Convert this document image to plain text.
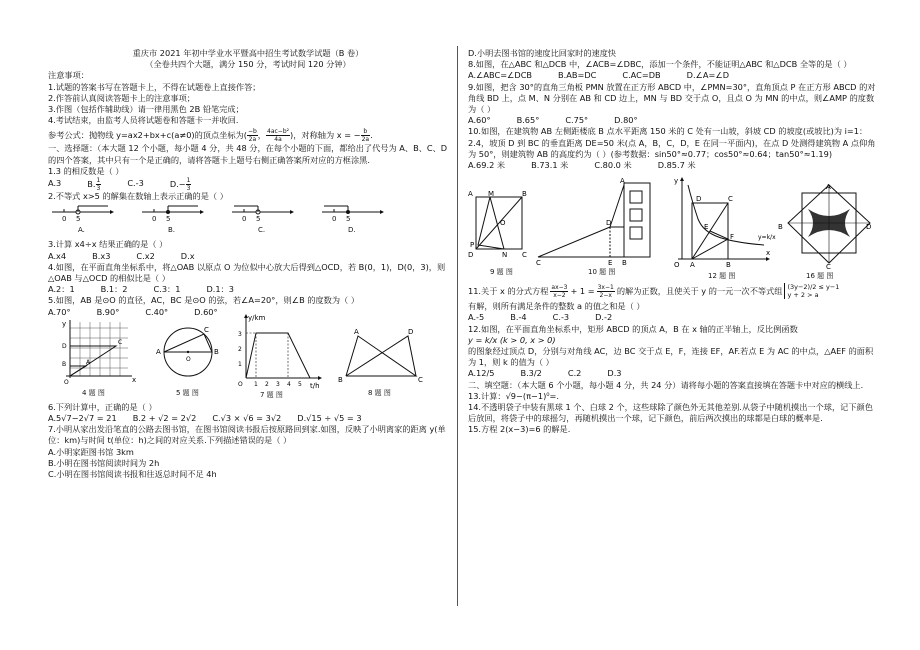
重庆市 2021 年初中学业水平暨高中招生考试数学试题（B 卷）
（全卷共四个大题，满分 150 分，考试时间 120 分钟）
注意事项：
1.试题的答案书写在答题卡上，不得在试题卷上直接作答；
2.作答前认真阅读答题卡上的注意事项；
3.作图（包括作辅助线）请一律用黑色 2B 铅笔完成；
4.考试结束，由监考人员将试题卷和答题卡一并收回.
参考公式：抛物线 y=ax2+bx+c(a≠0)的顶点坐标为( $\frac{-b}{2a}$ ， $\frac{\text{4ac−b²}}{4a}$ )，对称轴为 x = − $\frac{b}{2a}$ .
一、选择题：（本大题 12 个小题，每小题 4 分，共 48 分，在每个小题的下面，都给出了代号为 A、B、C、D 的四个答案，其中只有一个是正确的，请将答题卡上题号右侧正确答案所对应的方框涂黑.
1.3 的相反数是（ ）
A.3	B. $\frac{1}{3}$	C.-3	$D.- \frac{1}{3}$
2.不等式 x>5 的解集在数轴上表示正确的是（ ）
0 5
A.
0 5
B.
0 5
C.
0 5
D.
3.计算 x4÷x 结果正确的是（ ）
A.x4	B.x3	C.x2	D.x
4.如图，在平面直角坐标系中，将△OAB 以原点 O 为位似中心放大后得到△OCD，若 B(0，1)，D(0，3)，则△OAB 与△OCD 的相似比是（ ）
A.2：1	B.1：2	C.3：1	D.1：3
5.如图，AB 是⊙O 的直径，AC，BC 是⊙O 的弦，若∠A=20°，则∠B 的度数为（ ）
A.70°	B.90°	C.40°	D.60°
y
x
D
C
B	A
O
4 题 图
A	B
C
O
5 题 图
y/km
t/h
3
2
1
1 2 3 4 5
O
7 题 图
A	D
B	C
8 题 图
6.下列计算中，正确的是（ ）
A.5√7−2√7 = 21 B.2 + √2 = 2√2 C.√3 × √6 = 3√2 D.√15 ÷ √5 = 3
7.小明从家出发沿笔直的公路去图书馆，在图书馆阅读书报后按原路回到家.如图，反映了小明离家的距离 y(单位：km)与时间 t(单位：h)之间的对应关系.下列描述错误的是（ ）
A.小明家距图书馆 3km
B.小明在图书馆阅读时间为 2h
C.小明在图书馆阅读书报和往返总时间不足 4h
D.小明去图书馆的速度比回家时的速度快
8.如图，在△ABC 和△DCB 中，∠ACB=∠DBC，添加一个条件，不能证明△ABC 和△DCB 全等的是（ ）
A.∠ABC=∠DCB	B.AB=DC	C.AC=DB	D.∠A=∠D
9.如图，把含 30°的直角三角板 PMN 放置在正方形 ABCD 中，∠PMN=30°，直角顶点 P 在正方形 ABCD 的对角线 BD 上，点 M、N 分别在 AB 和 CD 边上，MN 与 BD 交于点 O，且点 O 为 MN 的中点，则∠AMP 的度数为（ ）
A.60°	B.65°	C.75°	D.80°
10.如图，在建筑物 AB 左侧距楼底 B 点水平距离 150 米的 C 处有一山坡，斜坡 CD 的坡度(或坡比)为 i=1：2.4，坡顶 D 到 BC 的垂直距离 DE=50 米(点 A，B，C，D，E 在同一平面内)，在点 D 处测得建筑物 A 点仰角为 50°，则建筑物 AB 的高度约为（ ）(参考数据：sin50°≈0.77；cos50°≈0.64；tan50°≈1.19)
A.69.2 米	B.73.1 米	C.80.0 米	D.85.7 米
A M	B
D	N C
O
P
9 题 图
A
D
C	E B
10 题 图
y
D	C
E
F	y=k/x
x
O A	B
12 题 图
A
B	D
C
16 题 图
11.关于 x 的分式方程 $\frac{ax-3}{x-2} + 1 = \frac{3x-1}{2-x}$ 的解为正数，且使关于 y 的一元一次不等式组 (3y−2)/2 ≤ y−1
y + 2 > a
有解，则所有满足条件的整数 a 的值之和是（ ）
A.-5	B.-4	C.-3	D.-2
12.如图，在平面直角坐标系中，矩形 ABCD 的顶点 A，B 在 x 轴的正半轴上，反比例函数
y = k/x (k > 0, x > 0)
的图象经过顶点 D，分别与对角线 AC，边 BC 交于点 E，F，连接 EF，AF.若点 E 为 AC 的中点，△AEF 的面积为 1，则 k 的值为（ ）
A.12/5	B.3/2	C.2	D.3
二、填空题：（本大题 6 个小题，每小题 4 分，共 24 分）请将每小题的答案直接填在答题卡中对应的横线上.
13.计算：√9−(π−1)⁰=.
14.不透明袋子中装有黑球 1 个、白球 2 个，这些球除了颜色外无其他差别.从袋子中随机摸出一个球，记下颜色后放回，将袋子中的球摇匀，再随机摸出一个球，记下颜色，前后两次摸出的球都是白球的概率是.
15.方程 2(x−3)=6 的解是.
